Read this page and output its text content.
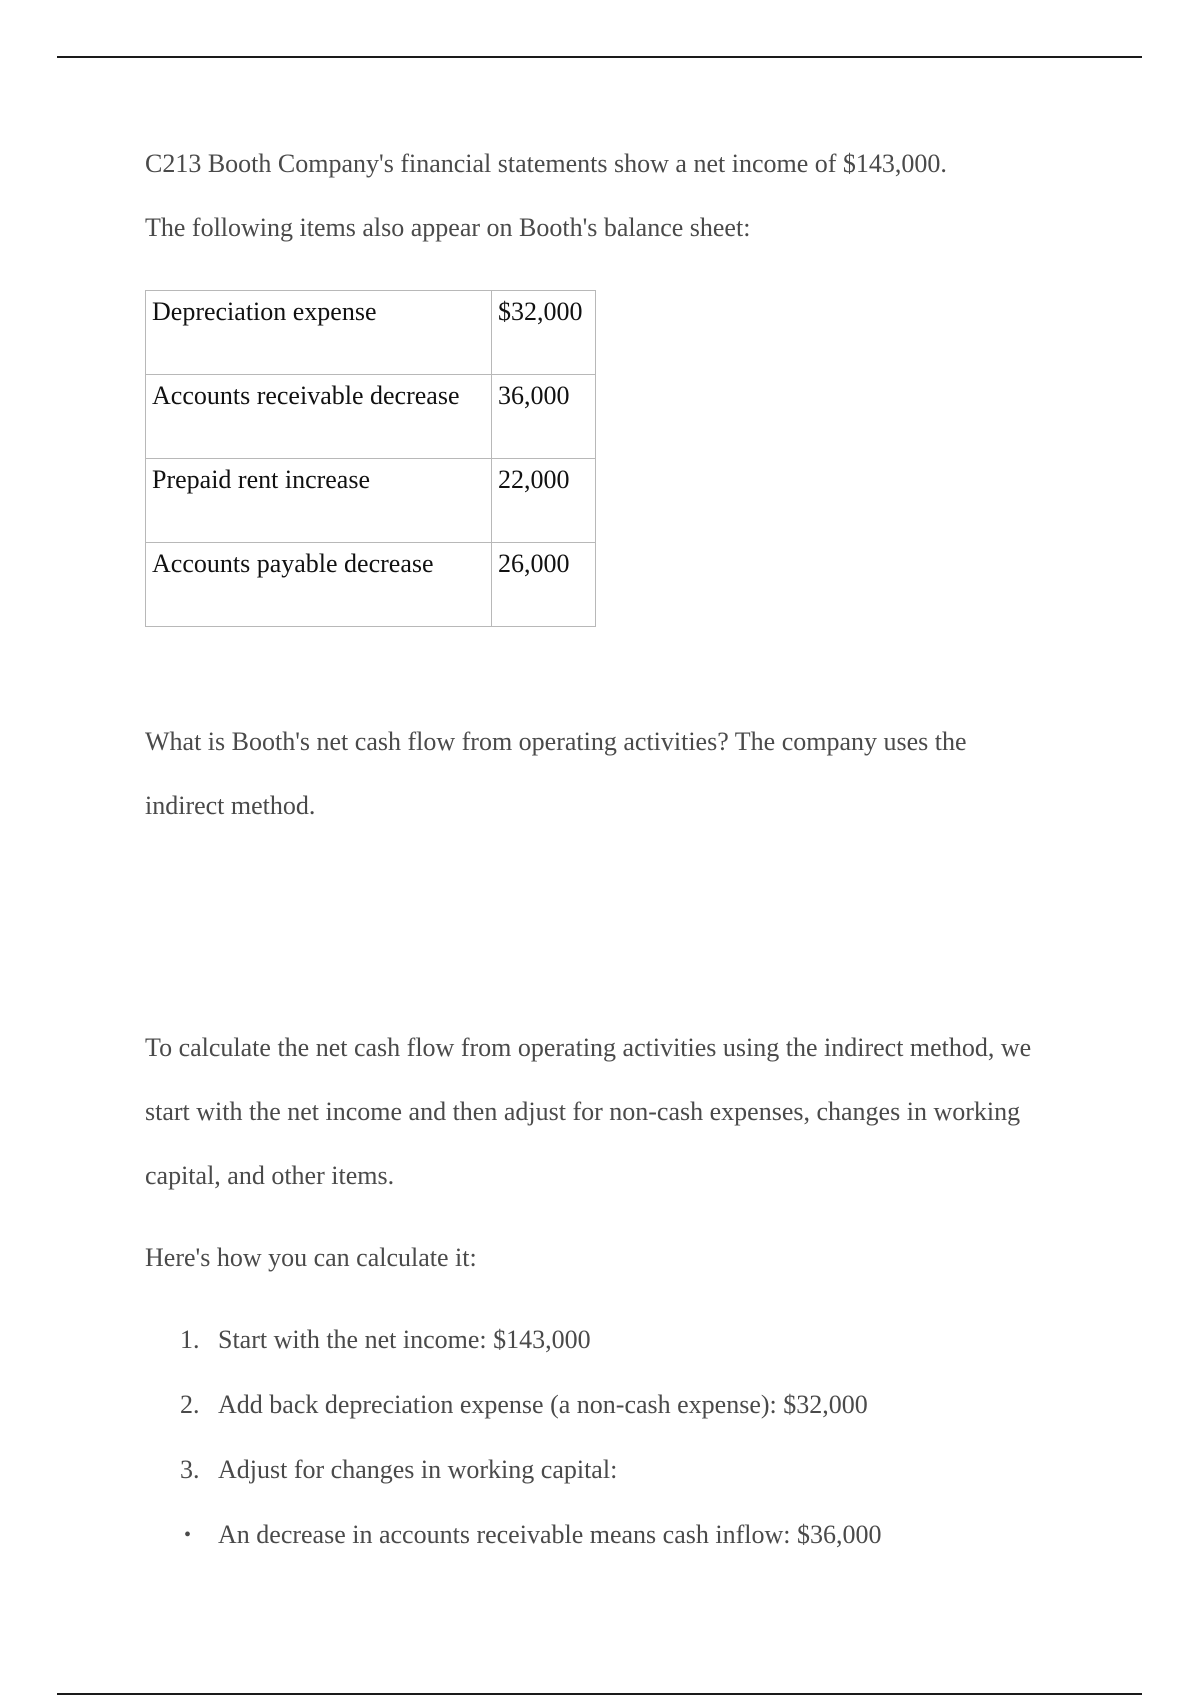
C213 Booth Company's financial statements show a net income of $143,000.

The following items also appear on Booth's balance sheet:

Depreciation expense	$32,000
Accounts receivable decrease	36,000
Prepaid rent increase	22,000
Accounts payable decrease	26,000

What is Booth's net cash flow from operating activities? The company uses the

indirect method.

To calculate the net cash flow from operating activities using the indirect method, we start with the net income and then adjust for non-cash expenses, changes in working capital, and other items.

Here's how you can calculate it:

1. Start with the net income: $143,000
2. Add back depreciation expense (a non-cash expense): $32,000
3. Adjust for changes in working capital:
• An decrease in accounts receivable means cash inflow: $36,000
